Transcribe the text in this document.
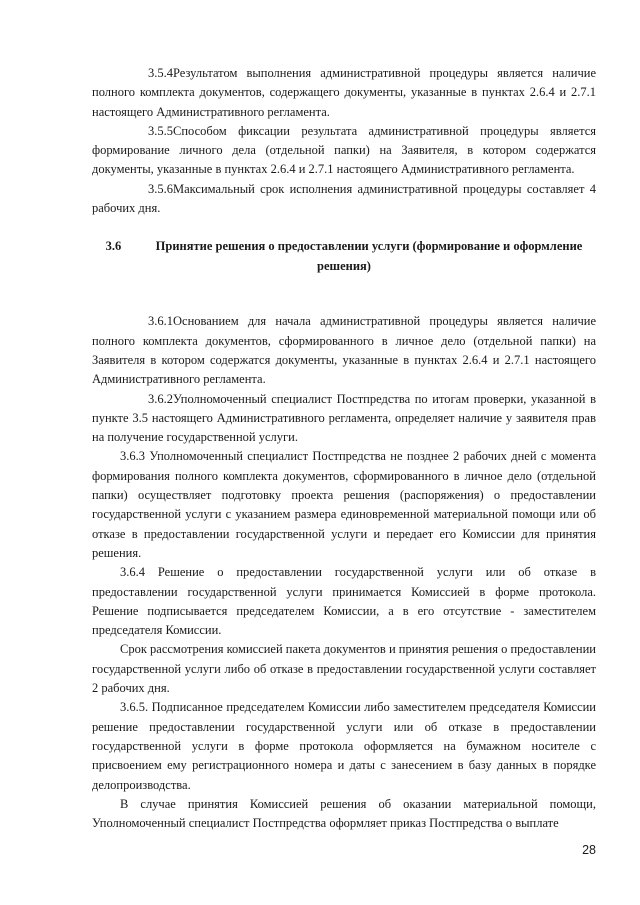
3.5.4Результатом выполнения административной процедуры является наличие полного комплекта документов, содержащего документы, указанные в пунктах 2.6.4 и 2.7.1 настоящего Административного регламента.

3.5.5Способом фиксации результата административной процедуры является формирование личного дела (отдельной папки) на Заявителя, в котором содержатся документы, указанные в пунктах 2.6.4 и 2.7.1 настоящего Административного регламента.

3.5.6Максимальный срок исполнения административной процедуры составляет 4 рабочих дня.

3.6	Принятие решения о предоставлении услуги (формирование и оформление решения)

3.6.1Основанием для начала административной процедуры является наличие полного комплекта документов, сформированного в личное дело (отдельной папки) на Заявителя в котором содержатся документы, указанные в пунктах 2.6.4 и 2.7.1 настоящего Административного регламента.

3.6.2Уполномоченный специалист Постпредства по итогам проверки, указанной в пункте 3.5 настоящего Административного регламента, определяет наличие у заявителя прав на получение государственной услуги.

3.6.3 Уполномоченный специалист Постпредства не позднее 2 рабочих дней с момента формирования полного комплекта документов, сформированного в личное дело (отдельной папки) осуществляет подготовку проекта решения (распоряжения) о предоставлении государственной услуги с указанием размера единовременной материальной помощи или об отказе в предоставлении государственной услуги и передает его Комиссии для принятия решения.

3.6.4 Решение о предоставлении государственной услуги или об отказе в предоставлении государственной услуги принимается Комиссией в форме протокола. Решение подписывается председателем Комиссии, а в его отсутствие - заместителем председателя Комиссии.

Срок рассмотрения комиссией пакета документов и принятия решения о предоставлении государственной услуги либо об отказе в предоставлении государственной услуги составляет 2 рабочих дня.

3.6.5. Подписанное председателем Комиссии либо заместителем председателя Комиссии решение предоставлении государственной услуги или об отказе в предоставлении государственной услуги в форме протокола оформляется на бумажном носителе с присвоением ему регистрационного номера и даты с занесением в базу данных в порядке делопроизводства.

В случае принятия Комиссией решения об оказании материальной помощи, Уполномоченный специалист Постпредства оформляет приказ Постпредства о выплате

28
